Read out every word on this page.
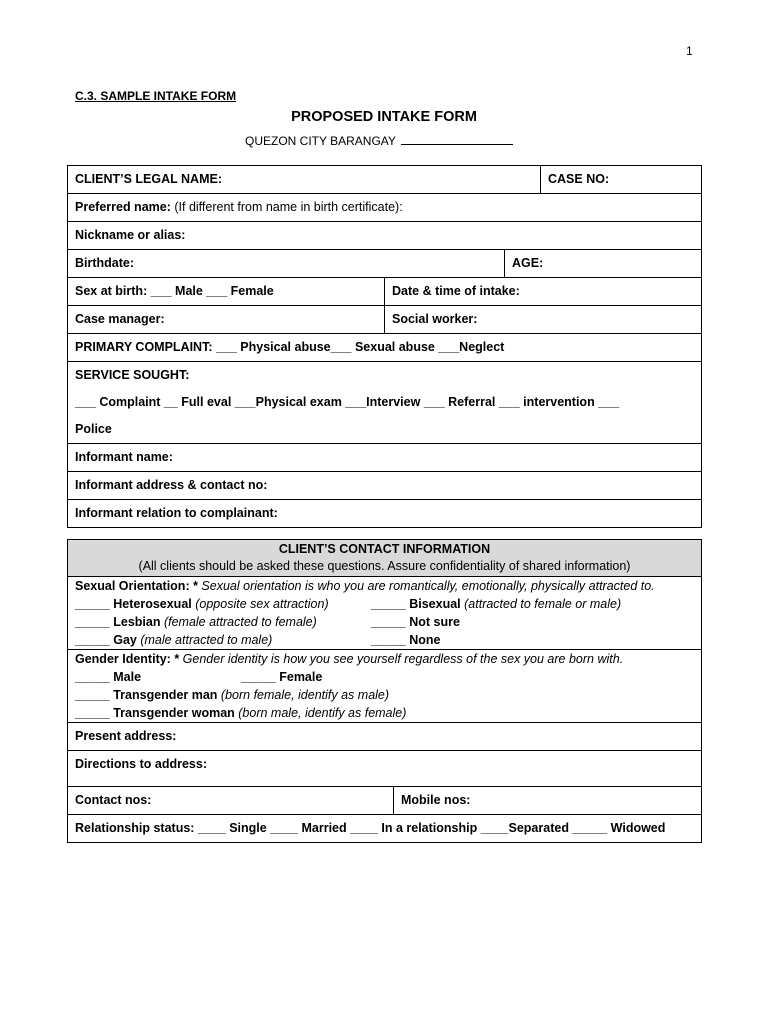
1
C.3. SAMPLE INTAKE FORM
PROPOSED INTAKE FORM
QUEZON CITY BARANGAY
CLIENT’S LEGAL NAME:			CASE NO:
Preferred name: (If different from name in birth certificate):			
Nickname or alias:			
Birthdate:		AGE:	
Sex at birth: ___ Male ___ Female	Date & time of intake:		
Case manager:	Social worker:		
PRIMARY COMPLAINT: ___ Physical abuse___ Sexual abuse ___Neglect			

SERVICE SOUGHT:
___ Complaint __ Full eval ___Physical exam ___Interview ___ Referral ___ intervention ___
Police			

Informant name:			
Informant address & contact no:			
Informant relation to complainant:			
CLIENT’S CONTACT INFORMATION
(All clients should be asked these questions. Assure confidentiality of shared information)

Sexual Orientation: * Sexual orientation is who you are romantically, emotionally, physically attracted to.
_____ Heterosexual (opposite sex attraction)	_____ Bisexual (attracted to female or male)
_____ Lesbian (female attracted to female)	_____ Not sure
_____ Gay (male attracted to male)	_____ None

Gender Identity: * Gender identity is how you see yourself regardless of the sex you are born with.
_____ Male	_____ Female
_____ Transgender man (born female, identify as male)
_____ Transgender woman (born male, identify as female)

Present address:
Directions to address:
Contact nos:	Mobile nos:
Relationship status: ____ Single ____ Married ____ In a relationship ____Separated _____ Widowed
